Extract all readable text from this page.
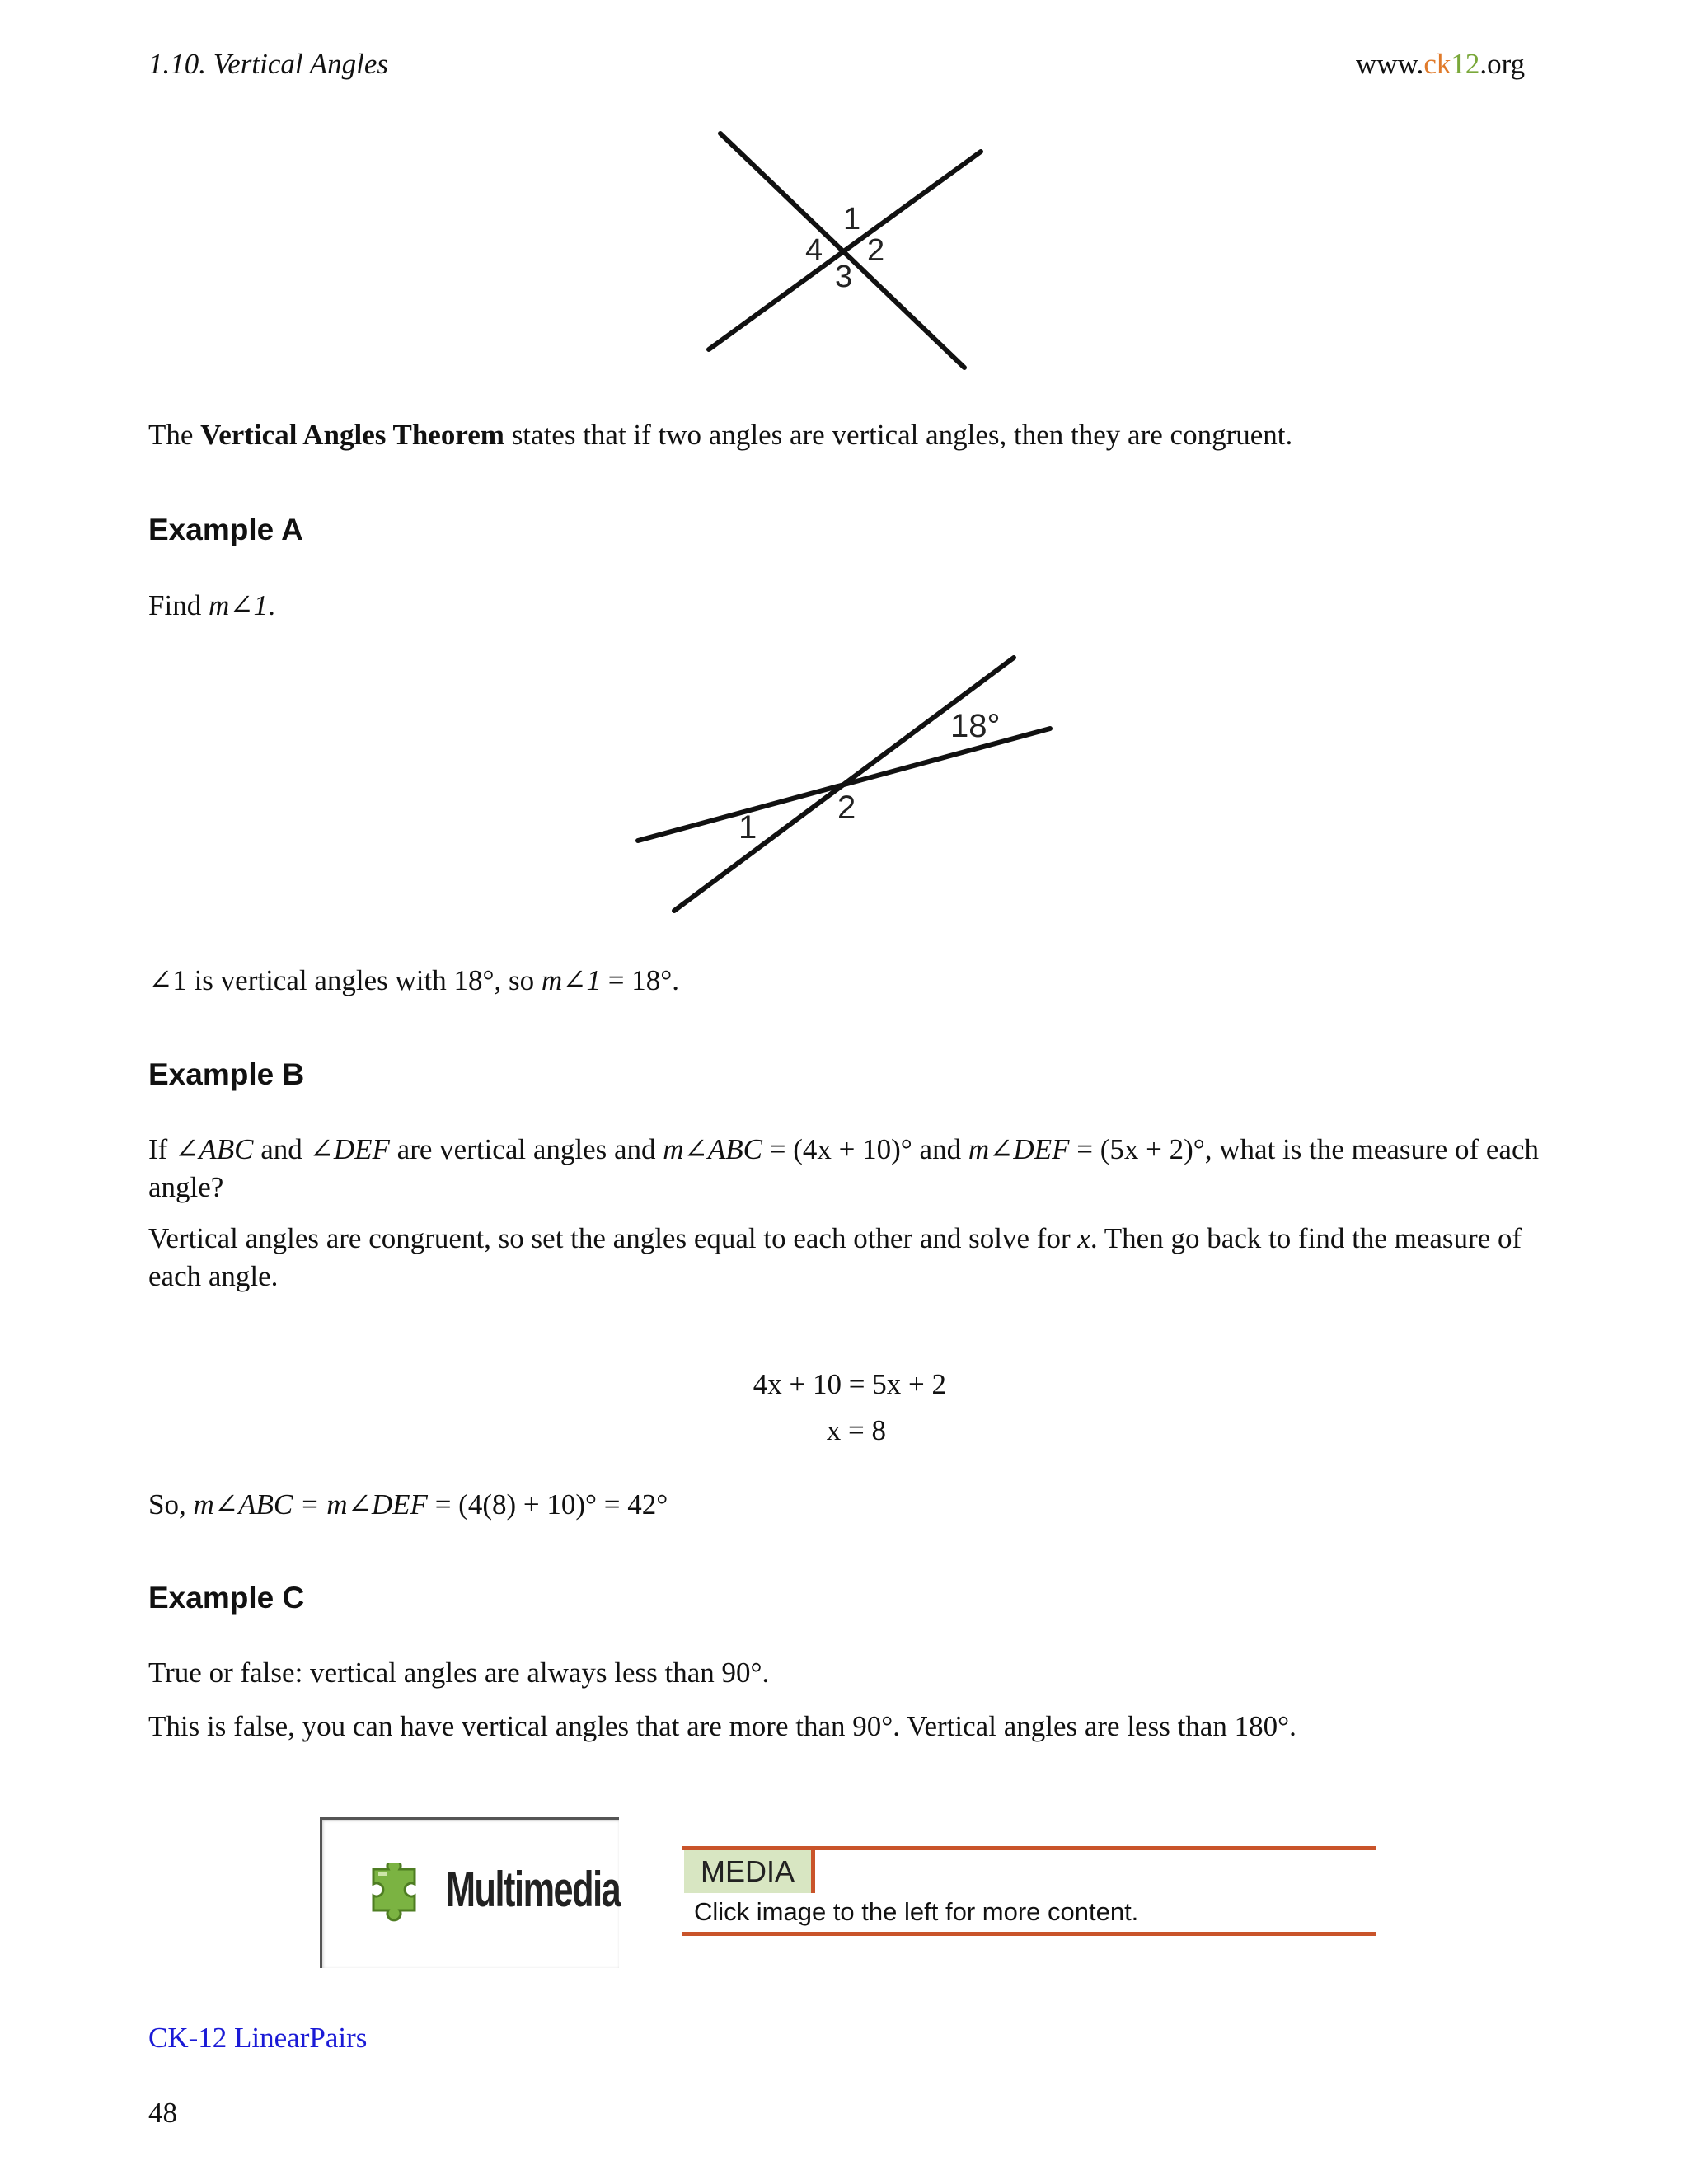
1.10. Vertical Angles	www.ck12.org
1
2
3
4
The Vertical Angles Theorem states that if two angles are vertical angles, then they are congruent.
Example A
Find m∠1.
18°
1
2
∠1 is vertical angles with 18°, so m∠1 = 18°.
Example B
If ∠ABC and ∠DEF are vertical angles and m∠ABC = (4x + 10)° and m∠DEF = (5x + 2)°, what is the measure of each angle?
Vertical angles are congruent, so set the angles equal to each other and solve for x. Then go back to find the measure of each angle.
4x + 10 = 5x + 2
x = 8
So, m∠ABC = m∠DEF = (4(8) + 10)° = 42°
Example C
True or false: vertical angles are always less than 90°.
This is false, you can have vertical angles that are more than 90°. Vertical angles are less than 180°.
Multimedia	MEDIA
Click image to the left for more content.
CK-12 LinearPairs
48
